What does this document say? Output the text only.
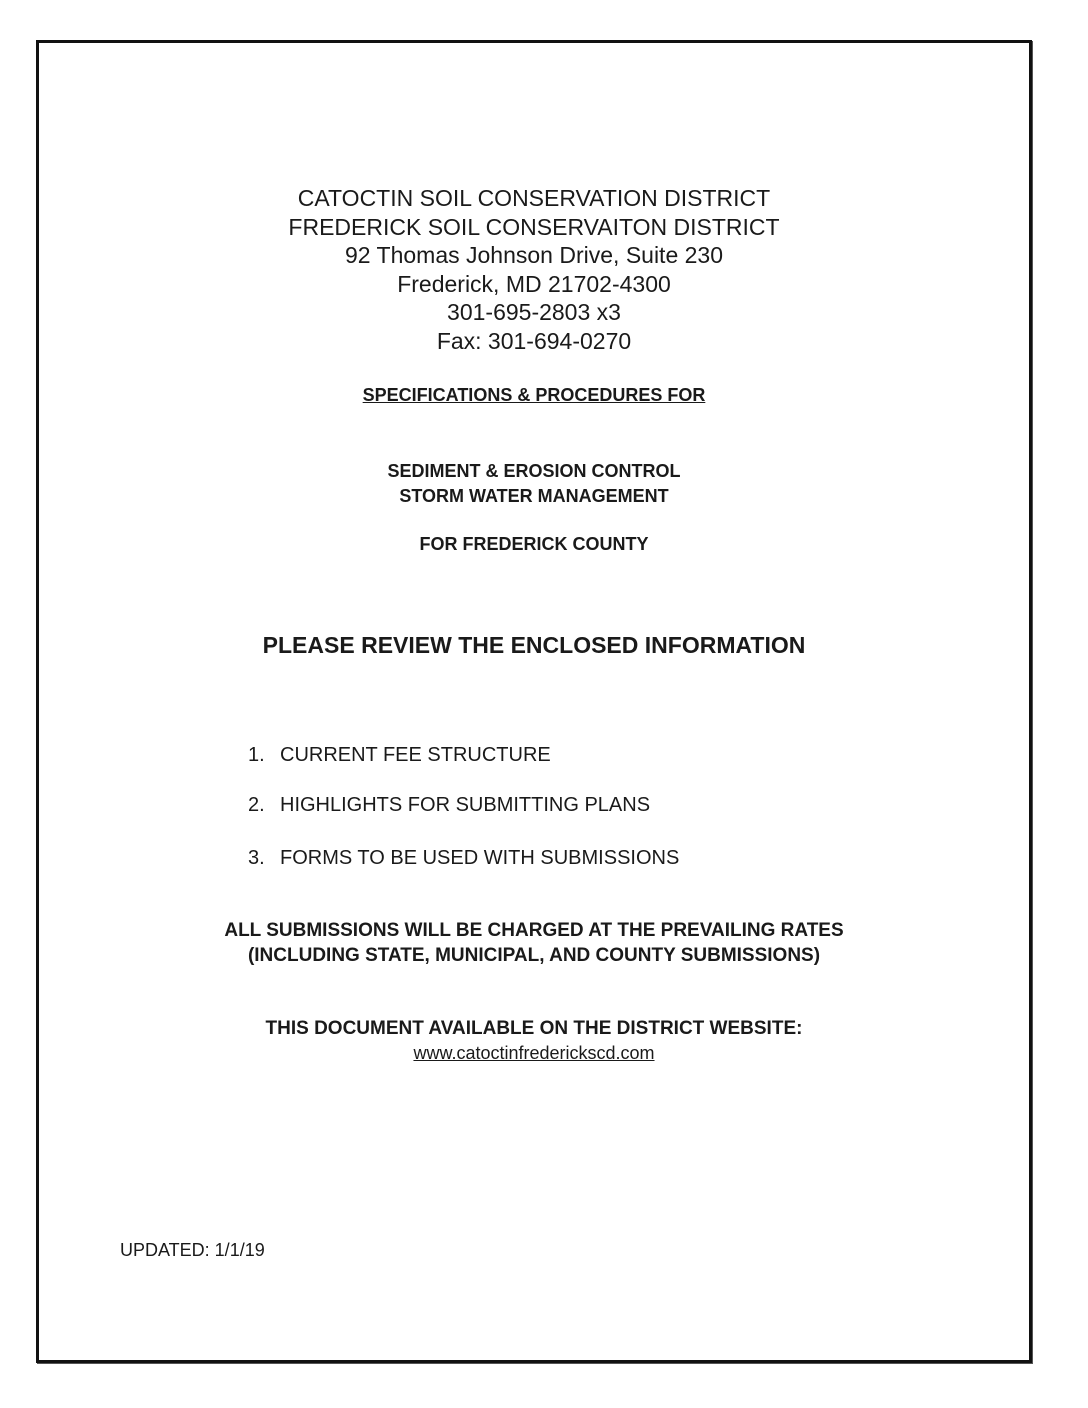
CATOCTIN SOIL CONSERVATION DISTRICT
FREDERICK SOIL CONSERVAITON DISTRICT
92 Thomas Johnson Drive, Suite 230
Frederick, MD 21702-4300
301-695-2803 x3
Fax: 301-694-0270
SPECIFICATIONS & PROCEDURES FOR
SEDIMENT & EROSION CONTROL
STORM WATER MANAGEMENT
FOR FREDERICK COUNTY
PLEASE REVIEW THE ENCLOSED INFORMATION
1. CURRENT FEE STRUCTURE
2. HIGHLIGHTS FOR SUBMITTING PLANS
3. FORMS TO BE USED WITH SUBMISSIONS
ALL SUBMISSIONS WILL BE CHARGED AT THE PREVAILING RATES
(INCLUDING STATE, MUNICIPAL, AND COUNTY SUBMISSIONS)
THIS DOCUMENT AVAILABLE ON THE DISTRICT WEBSITE:
www.catoctinfrederickscd.com
UPDATED: 1/1/19
